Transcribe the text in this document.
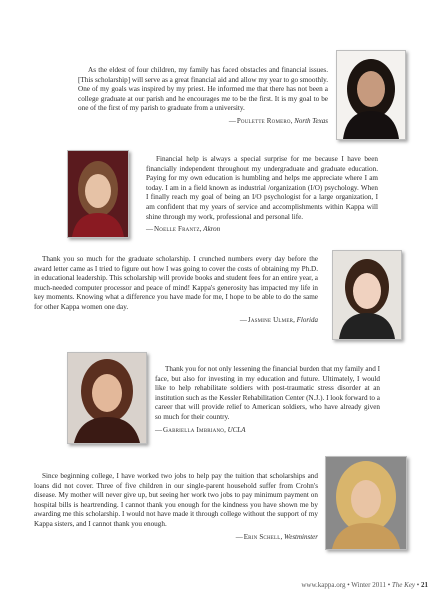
As the eldest of four children, my family has faced obstacles and financial issues. [This scholarship] will serve as a great financial aid and allow my year to go smoothly. One of my goals was inspired by my priest. He informed me that there has not been a college graduate at our parish and he encourages me to be the first. It is my goal to be one of the first of my parish to graduate from a university.

—Poulette Romero, North Texas

Financial help is always a special surprise for me because I have been financially independent throughout my undergraduate and graduate education. Paying for my own education is humbling and helps me appreciate where I am today. I am in a field known as industrial /organization (I/O) psychology. When I finally reach my goal of being an I/O psychologist for a large organization, I am confident that my years of service and accomplishments within Kappa will shine through my work, professional and personal life.

—Noelle Frantz, Akron

Thank you so much for the graduate scholarship. I crunched numbers every day before the award letter came as I tried to figure out how I was going to cover the costs of obtaining my Ph.D. in educational leadership. This scholarship will provide books and student fees for an entire year, a much-needed computer processor and peace of mind! Kappa's generosity has impacted my life in key moments. Knowing what a difference you have made for me, I hope to be able to do the same for other Kappa women one day.

—Jasmine Ulmer, Florida

Thank you for not only lessening the financial burden that my family and I face, but also for investing in my education and future. Ultimately, I would like to help rehabilitate soldiers with post-traumatic stress disorder at an institution such as the Kessler Rehabilitation Center (N.J.). I look forward to a career that will provide relief to American soldiers, who have already given so much for their country.

—Gabriella Imbriano, UCLA

Since beginning college, I have worked two jobs to help pay the tuition that scholarships and loans did not cover. Three of five children in our single-parent household suffer from Crohn's disease. My mother will never give up, but seeing her work two jobs to pay minimum payment on hospital bills is heartrending. I cannot thank you enough for the kindness you have shown me by awarding me this scholarship. I would not have made it through college without the support of my Kappa sisters, and I cannot thank you enough.

—Erin Schell, Westminster
www.kappa.org • Winter 2011 • The Key • 21
